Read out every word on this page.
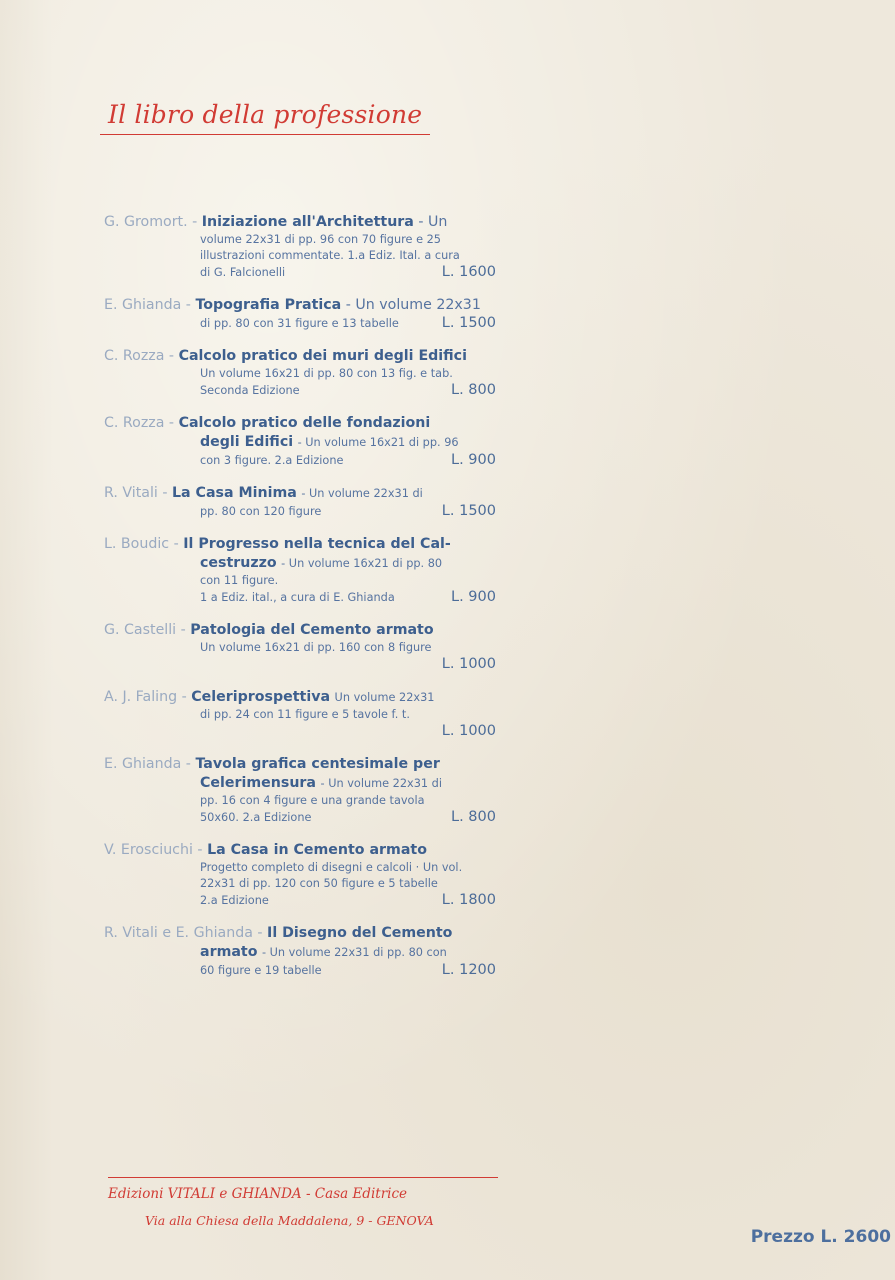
Il libro della professione
G. Gromort. - Iniziazione all'Architettura - Un
volume 22x31 di pp. 96 con 70 figure e 25
illustrazioni commentate. 1.a Ediz. Ital. a cura
di G. Falcionelli	L. 1600
E. Ghianda - Topografia Pratica - Un volume 22x31
di pp. 80 con 31 figure e 13 tabelle	L. 1500
C. Rozza - Calcolo pratico dei muri degli Edifici
Un volume 16x21 di pp. 80 con 13 fig. e tab.
Seconda Edizione	L. 800
C. Rozza - Calcolo pratico delle fondazioni
degli Edifici - Un volume 16x21 di pp. 96
con 3 figure. 2.a Edizione	L. 900
R. Vitali - La Casa Minima - Un volume 22x31 di
pp. 80 con 120 figure	L. 1500
L. Boudic - Il Progresso nella tecnica del Cal-
cestruzzo - Un volume 16x21 di pp. 80
con 11 figure.
1 a Ediz. ital., a cura di E. Ghianda	L. 900
G. Castelli - Patologia del Cemento armato
Un volume 16x21 di pp. 160 con 8 figure
L. 1000
A. J. Faling - Celeriprospettiva Un volume 22x31
di pp. 24 con 11 figure e 5 tavole f. t.
L. 1000
E. Ghianda - Tavola grafica centesimale per
Celerimensura - Un volume 22x31 di
pp. 16 con 4 figure e una grande tavola
50x60. 2.a Edizione	L. 800
V. Erosciuchi - La Casa in Cemento armato
Progetto completo di disegni e calcoli · Un vol.
22x31 di pp. 120 con 50 figure e 5 tabelle
2.a Edizione	L. 1800
R. Vitali e E. Ghianda - Il Disegno del Cemento
armato - Un volume 22x31 di pp. 80 con
60 figure e 19 tabelle	L. 1200
Edizioni VITALI e GHIANDA - Casa Editrice
Via alla Chiesa della Maddalena, 9 - GENOVA
Prezzo L. 2600
